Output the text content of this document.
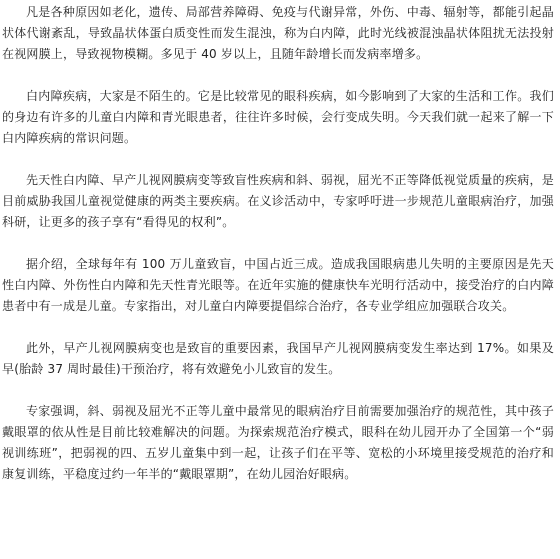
凡是各种原因如老化，遗传、局部营养障碍、免疫与代谢异常，外伤、中毒、辐射等，都能引起晶状体代谢紊乱，导致晶状体蛋白质变性而发生混浊，称为白内障，此时光线被混浊晶状体阻扰无法投射在视网膜上，导致视物模糊。多见于 40 岁以上，且随年龄增长而发病率增多。

白内障疾病，大家是不陌生的。它是比较常见的眼科疾病，如今影响到了大家的生活和工作。我们的身边有许多的儿童白内障和青光眼患者，往往许多时候，会行变成失明。今天我们就一起来了解一下白内障疾病的常识问题。

先天性白内障、早产儿视网膜病变等致盲性疾病和斜、弱视，屈光不正等降低视觉质量的疾病，是目前威胁我国儿童视觉健康的两类主要疾病。在义诊活动中，专家呼吁进一步规范儿童眼病治疗，加强科研，让更多的孩子享有“看得见的权利”。

据介绍，全球每年有 100 万儿童致盲，中国占近三成。造成我国眼病患儿失明的主要原因是先天性白内障、外伤性白内障和先天性青光眼等。在近年实施的健康快车光明行活动中，接受治疗的白内障患者中有一成是儿童。专家指出，对儿童白内障要提倡综合治疗，各专业学组应加强联合攻关。

此外，早产儿视网膜病变也是致盲的重要因素，我国早产儿视网膜病变发生率达到 17%。如果及早(胎龄 37 周时最佳)干预治疗，将有效避免小儿致盲的发生。

专家强调，斜、弱视及屈光不正等儿童中最常见的眼病治疗目前需要加强治疗的规范性，其中孩子戴眼罩的依从性是目前比较难解决的问题。为探索规范治疗模式，眼科在幼儿园开办了全国第一个“弱视训练班”，把弱视的四、五岁儿童集中到一起，让孩子们在平等、宽松的小环境里接受规范的治疗和康复训练，平稳度过约一年半的“戴眼罩期”，在幼儿园治好眼病。
